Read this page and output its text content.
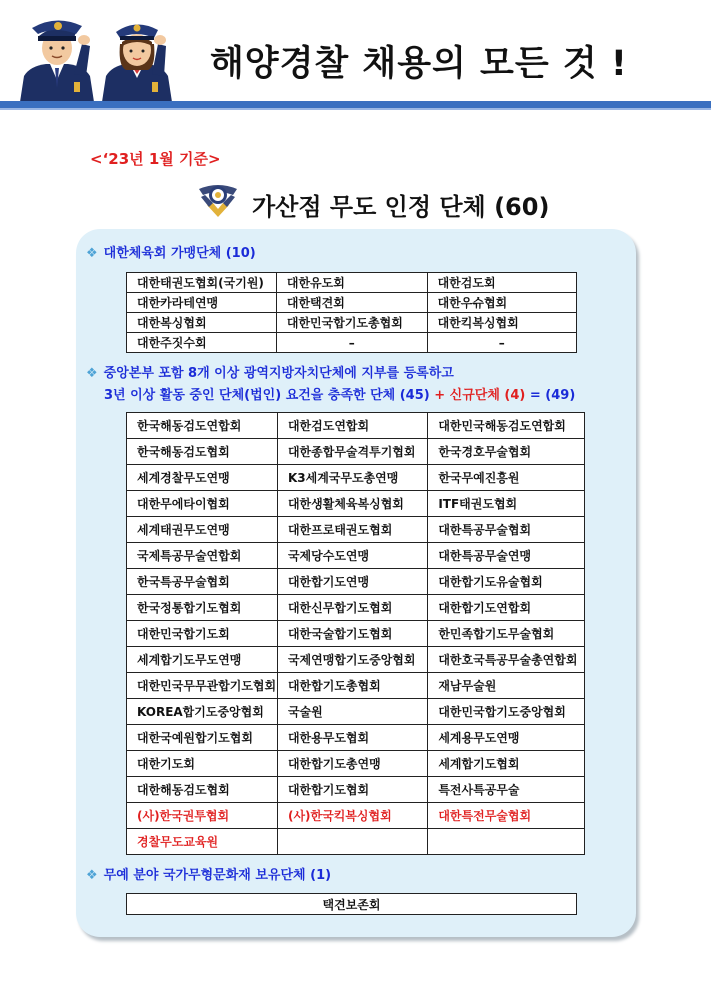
해양경찰 채용의 모든 것 !
<‘23년 1월 기준>
가산점 무도 인정 단체 (60)
❖ 대한체육회 가맹단체 (10)
대한태권도협회(국기원)	대한유도회	대한검도회
대한카라테연맹	대한택견회	대한우슈협회
대한복싱협회	대한민국합기도총협회	대한킥복싱협회
대한주짓수회	–	–
❖ 중앙본부 포함 8개 이상 광역지방자치단체에 지부를 등록하고
3년 이상 활동 중인 단체(법인) 요건을 충족한 단체 (45) + 신규단체 (4) = (49)
한국해동검도연합회	대한검도연합회	대한민국해동검도연합회
한국해동검도협회	대한종합무술격투기협회	한국경호무술협회
세계경찰무도연맹	K3세계국무도총연맹	한국무예진흥원
대한무에타이협회	대한생활체육복싱협회	ITF태권도협회
세계태권무도연맹	대한프로태권도협회	대한특공무술협회
국제특공무술연합회	국제당수도연맹	대한특공무술연맹
한국특공무술협회	대한합기도연맹	대한합기도유술협회
한국정통합기도협회	대한신무합기도협회	대한합기도연합회
대한민국합기도회	대한국술합기도협회	한민족합기도무술협회
세계합기도무도연맹	국제연맹합기도중앙협회	대한호국특공무술총연합회
대한민국무무관합기도협회	대한합기도총협회	재남무술원
KOREA합기도중앙협회	국술원	대한민국합기도중앙협회
대한국예원합기도협회	대한용무도협회	세계용무도연맹
대한기도회	대한합기도총연맹	세계합기도협회
대한해동검도협회	대한합기도협회	특전사특공무술
(사)한국권투협회	(사)한국킥복싱협회	대한특전무술협회
경찰무도교육원		
❖ 무예 분야 국가무형문화재 보유단체 (1)
택견보존회
